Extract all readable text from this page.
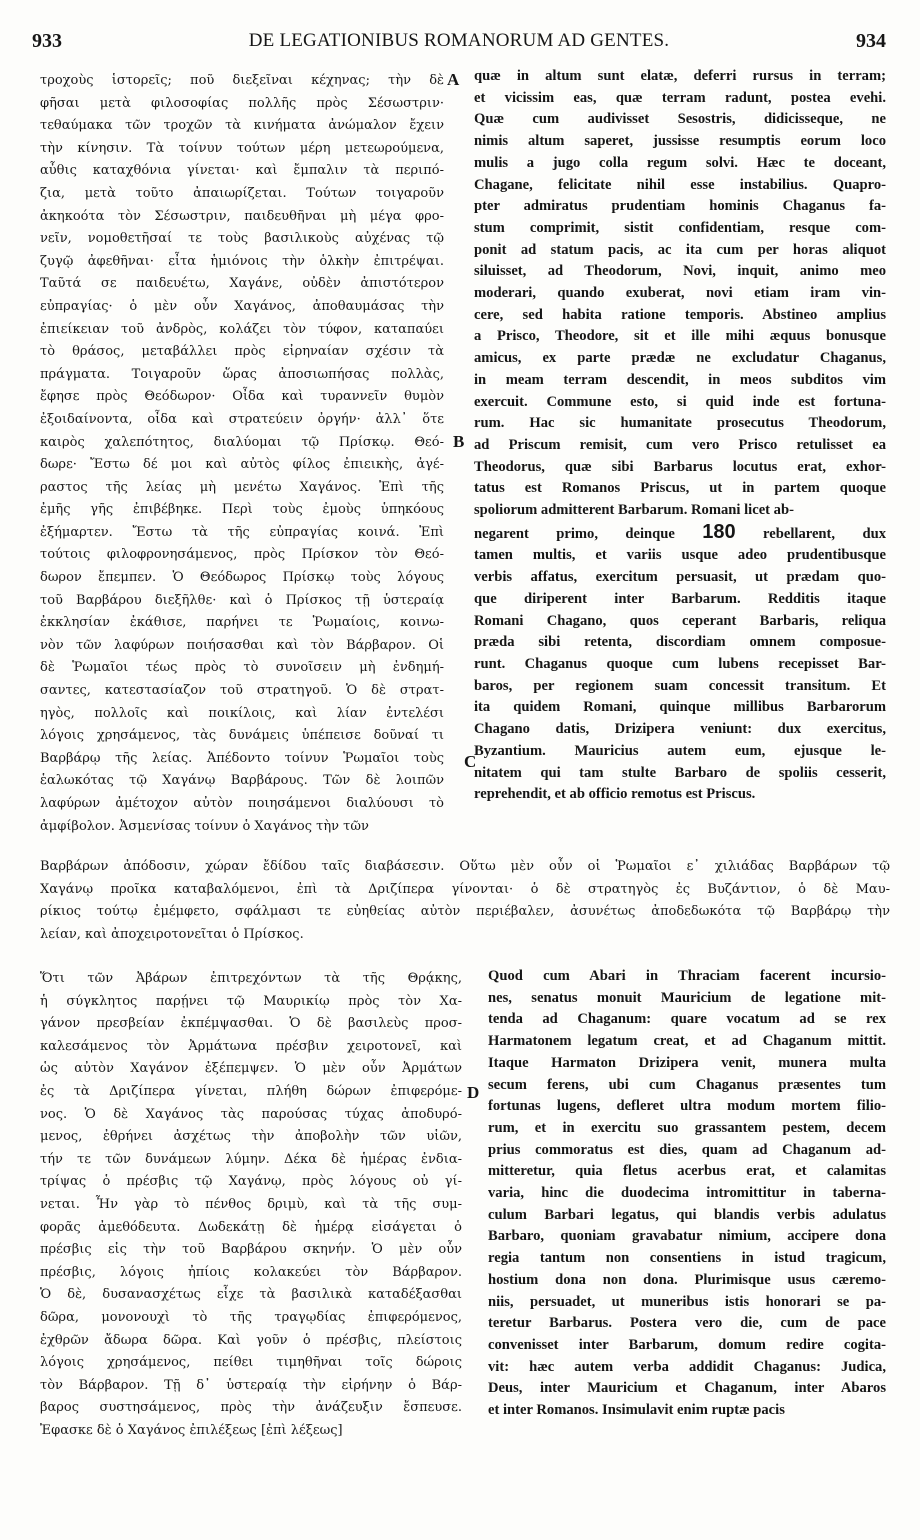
933	DE LEGATIONIBUS ROMANORUM AD GENTES.	934
τροχοὺς ἱστορεῖς; ποῦ διεξεῖναι κέχηνας; τὴν δὲ
φῆσαι μετὰ φιλοσοφίας πολλῆς πρὸς Σέσωστριν·
τεθαύμακα τῶν τροχῶν τὰ κινήματα ἀνώμαλον ἔχειν
τὴν κίνησιν. Τὰ τοίνυν τούτων μέρη μετεωρούμενα,
αὖθις καταχθόνια γίνεται· καὶ ἔμπαλιν τὰ περιπό-
ζια, μετὰ τοῦτο ἀπαιωρίζεται. Τούτων τοιγαροῦν
ἀκηκοότα τὸν Σέσωστριν, παιδευθῆναι μὴ μέγα φρο-
νεῖν, νομοθετῆσαί τε τοὺς βασιλικοὺς αὐχένας τῷ
ζυγῷ ἀφεθῆναι· εἶτα ἡμιόνοις τὴν ὁλκὴν ἐπιτρέψαι.
Ταῦτά σε παιδευέτω, Χαγάνε, οὐδὲν ἀπιστότερον
εὐπραγίας· ὁ μὲν οὖν Χαγάνος, ἀποθαυμάσας τὴν
ἐπιείκειαν τοῦ ἀνδρὸς, κολάζει τὸν τύφον, καταπαύει
τὸ θράσος, μεταβάλλει πρὸς εἰρηναίαν σχέσιν τὰ
πράγματα. Τοιγαροῦν ὥρας ἀποσιωπήσας πολλὰς,
ἔφησε πρὸς Θεόδωρον· Οἶδα καὶ τυραννεῖν θυμὸν
ἐξοιδαίνοντα, οἶδα καὶ στρατεύειν ὀργήν· ἀλλ᾽ ὅτε
καιρὸς χαλεπότητος, διαλύομαι τῷ Πρίσκῳ. Θεό-
δωρε· Ἔστω δέ μοι καὶ αὐτὸς φίλος ἐπιεικὴς, ἀγέ-
ραστος τῆς λείας μὴ μενέτω Χαγάνος. Ἐπὶ τῆς
ἐμῆς γῆς ἐπιβέβηκε. Περὶ τοὺς ἐμοὺς ὑπηκόους
ἐξήμαρτεν. Ἔστω τὰ τῆς εὐπραγίας κοινά. Ἐπὶ
τούτοις φιλοφρονησάμενος, πρὸς Πρίσκον τὸν Θεό-
δωρον ἔπεμπεν. Ὁ Θεόδωρος Πρίσκῳ τοὺς λόγους
τοῦ Βαρβάρου διεξῆλθε· καὶ ὁ Πρίσκος τῇ ὑστεραίᾳ
ἐκκλησίαν ἐκάθισε, παρήνει τε Ῥωμαίοις, κοινω-
νὸν τῶν λαφύρων ποιήσασθαι καὶ τὸν Βάρβαρον. Οἱ
δὲ Ῥωμαῖοι τέως πρὸς τὸ συνοῖσειν μὴ ἐνδημή-
σαντες, κατεστασίαζον τοῦ στρατηγοῦ. Ὁ δὲ στρατ-
ηγὸς, πολλοῖς καὶ ποικίλοις, καὶ λίαν ἐντελέσι
λόγοις χρησάμενος, τὰς δυνάμεις ὑπέπεισε δοῦναί τι
Βαρβάρῳ τῆς λείας. Ἀπέδοντο τοίνυν Ῥωμαῖοι τοὺς
ἑαλωκότας τῷ Χαγάνῳ Βαρβάρους. Τῶν δὲ λοιπῶν
λαφύρων ἀμέτοχον αὐτὸν ποιησάμενοι διαλύουσι τὸ
ἀμφίβολον. Ἀσμενίσας τοίνυν ὁ Χαγάνος τὴν τῶν
A
B
C
quæ in altum sunt elatæ, deferri rursus in terram;
et vicissim eas, quæ terram radunt, postea evehi.
Quæ cum audivisset Sesostris, didicisseque, ne
nimis altum saperet, jussisse resumptis eorum loco
mulis a jugo colla regum solvi. Hæc te doceant,
Chagane, felicitate nihil esse instabilius. Quapro-
pter admiratus prudentiam hominis Chaganus fa-
stum comprimit, sistit confidentiam, resque com-
ponit ad statum pacis, ac ita cum per horas aliquot
siluisset, ad Theodorum, Novi, inquit, animo meo
moderari, quando exuberat, novi etiam iram vin-
cere, sed habita ratione temporis. Abstineo amplius
a Prisco, Theodore, sit et ille mihi æquus bonusque
amicus, ex parte prædæ ne excludatur Chaganus,
in meam terram descendit, in meos subditos vim
exercuit. Commune esto, si quid inde est fortuna-
rum. Hac sic humanitate prosecutus Theodorum,
ad Priscum remisit, cum vero Prisco retulisset ea
Theodorus, quæ sibi Barbarus locutus erat, exhor-
tatus est Romanos Priscus, ut in partem quoque
spoliorum admitterent Barbarum. Romani licet ab-
negarent primo, deinque 180 rebellarent, dux
tamen multis, et variis usque adeo prudentibusque
verbis affatus, exercitum persuasit, ut prædam quo-
que diriperent inter Barbarum. Redditis itaque
Romani Chagano, quos ceperant Barbaris, reliqua
præda sibi retenta, discordiam omnem composue-
runt. Chaganus quoque cum lubens recepisset Bar-
baros, per regionem suam concessit transitum. Et
ita quidem Romani, quinque millibus Barbarorum
Chagano datis, Drizipera veniunt: dux exercitus,
Byzantium. Mauricius autem eum, ejusque le-
nitatem qui tam stulte Barbaro de spoliis cesserit,
reprehendit, et ab officio remotus est Priscus.
Βαρβάρων ἀπόδοσιν, χώραν ἔδίδου ταῖς διαβάσεσιν. Οὕτω μὲν οὖν οἱ Ῥωμαῖοι ε᾽ χιλιάδας Βαρβάρων τῷ
Χαγάνῳ προῖκα καταβαλόμενοι, ἐπὶ τὰ Δριζίπερα γίνονται· ὁ δὲ στρατηγὸς ἐς Βυζάντιον, ὁ δὲ Μαυ-
ρίκιος τούτῳ ἐμέμφετο, σφάλμασι τε εὐηθείας αὐτὸν περιέβαλεν, ἀσυνέτως ἀποδεδωκότα τῷ Βαρβάρῳ τὴν
λείαν, καὶ ἀποχειροτονεῖται ὁ Πρίσκος.
Ὅτι τῶν Ἀβάρων ἐπιτρεχόντων τὰ τῆς Θρᾴκης,
ἡ σύγκλητος παρῄνει τῷ Μαυρικίῳ πρὸς τὸν Χα-
γάνον πρεσβείαν ἐκπέμψασθαι. Ὁ δὲ βασιλεὺς προσ-
καλεσάμενος τὸν Ἀρμάτωνα πρέσβιν χειροτονεῖ, καὶ
ὡς αὐτὸν Χαγάνον ἐξέπεμψεν. Ὁ μὲν οὖν Ἀρμάτων
ἐς τὰ Δριζίπερα γίνεται, πλήθη δώρων ἐπιφερόμε-
νος. Ὁ δὲ Χαγάνος τὰς παρούσας τύχας ἀποδυρό-
μενος, ἐθρήνει ἀσχέτως τὴν ἀποβολὴν τῶν υἱῶν,
τήν τε τῶν δυνάμεων λύμην. Δέκα δὲ ἡμέρας ἐνδια-
τρίψας ὁ πρέσβις τῷ Χαγάνῳ, πρὸς λόγους οὐ γί-
νεται. Ἦν γὰρ τὸ πένθος δριμὺ, καὶ τὰ τῆς συμ-
φορᾶς ἀμεθόδευτα. Δωδεκάτῃ δὲ ἡμέρᾳ εἰσάγεται ὁ
πρέσβις εἰς τὴν τοῦ Βαρβάρου σκηνήν. Ὁ μὲν οὖν
πρέσβις, λόγοις ἠπίοις κολακεύει τὸν Βάρβαρον.
Ὁ δὲ, δυσανασχέτως εἶχε τὰ βασιλικὰ καταδέξασθαι
δῶρα, μονονουχὶ τὸ τῆς τραγῳδίας ἐπιφερόμενος,
ἐχθρῶν ἄδωρα δῶρα. Καὶ γοῦν ὁ πρέσβις, πλείστοις
λόγοις χρησάμενος, πείθει τιμηθῆναι τοῖς δώροις
τὸν Βάρβαρον. Τῇ δ᾽ ὑστεραίᾳ τὴν εἰρήνην ὁ Βάρ-
βαρος συστησάμενος, πρὸς τὴν ἀνάζευξιν ἔσπευσε.
Ἐφασκε δὲ ὁ Χαγάνος ἐπιλέξεως [ἐπὶ λέξεως]
D
Quod cum Abari in Thraciam facerent incursio-
nes, senatus monuit Mauricium de legatione mit-
tenda ad Chaganum: quare vocatum ad se rex
Harmatonem legatum creat, et ad Chaganum mittit.
Itaque Harmaton Drizipera venit, munera multa
secum ferens, ubi cum Chaganus præsentes tum
fortunas lugens, defleret ultra modum mortem filio-
rum, et in exercitu suo grassantem pestem, decem
prius commoratus est dies, quam ad Chaganum ad-
mitteretur, quia fletus acerbus erat, et calamitas
varia, hinc die duodecima intromittitur in taberna-
culum Barbari legatus, qui blandis verbis adulatus
Barbaro, quoniam gravabatur nimium, accipere dona
regia tantum non consentiens in istud tragicum,
hostium dona non dona. Plurimisque usus cæremo-
niis, persuadet, ut muneribus istis honorari se pa-
teretur Barbarus. Postera vero die, cum de pace
convenisset inter Barbarum, domum redire cogita-
vit: hæc autem verba addidit Chaganus: Judica,
Deus, inter Mauricium et Chaganum, inter Abaros
et inter Romanos. Insimulavit enim ruptæ pacis
